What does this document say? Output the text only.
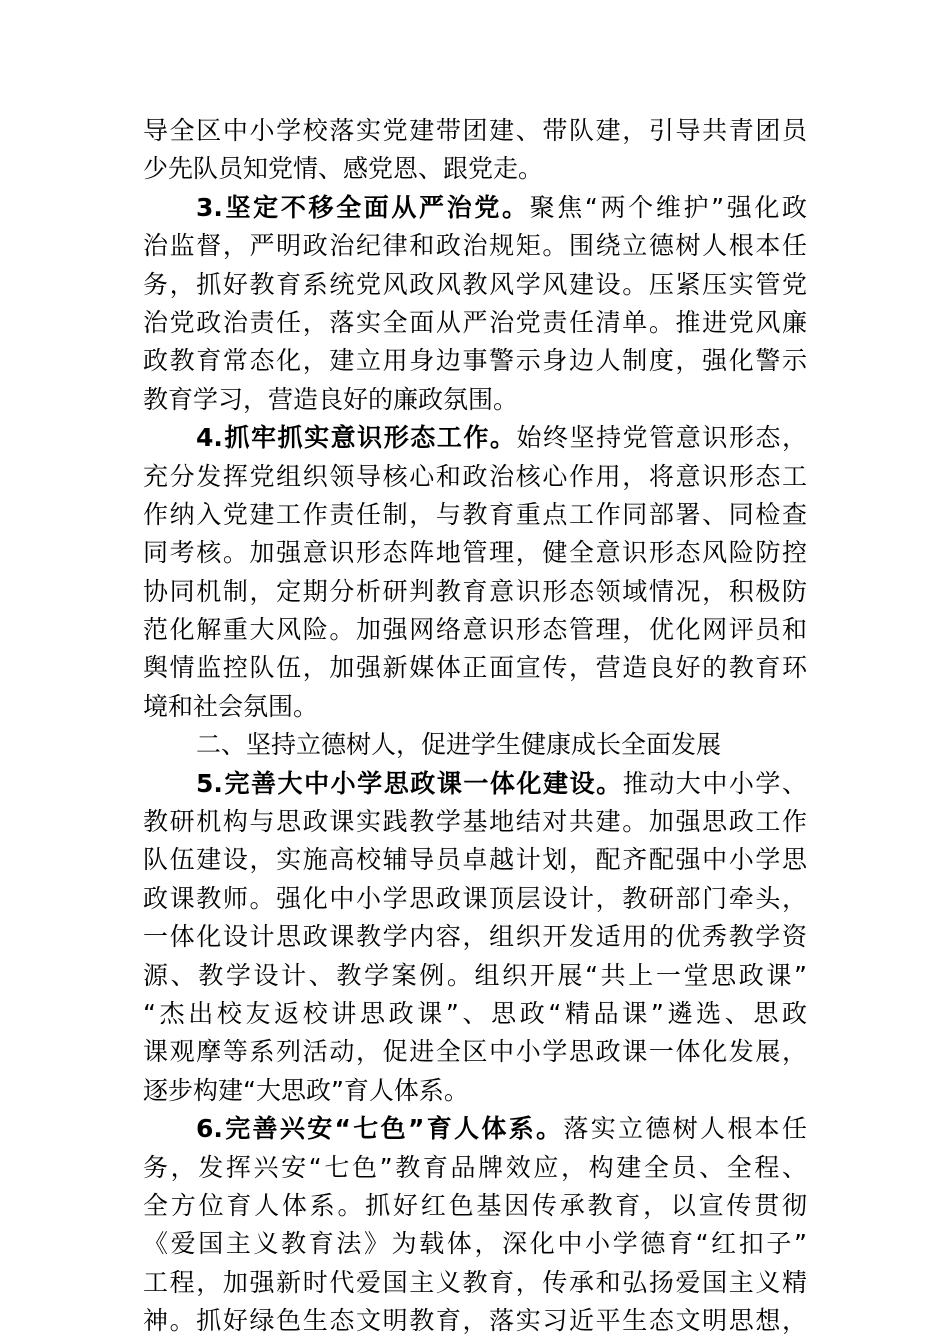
导全区中小学校落实党建带团建、带队建，引导共青团员
少先队员知党情、感党恩、跟党走。
3.坚定不移全面从严治党。聚焦“两个维护”强化政
治监督，严明政治纪律和政治规矩。围绕立德树人根本任
务，抓好教育系统党风政风教风学风建设。压紧压实管党
治党政治责任，落实全面从严治党责任清单。推进党风廉
政教育常态化，建立用身边事警示身边人制度，强化警示
教育学习，营造良好的廉政氛围。
4.抓牢抓实意识形态工作。始终坚持党管意识形态，
充分发挥党组织领导核心和政治核心作用，将意识形态工
作纳入党建工作责任制，与教育重点工作同部署、同检查
同考核。加强意识形态阵地管理，健全意识形态风险防控
协同机制，定期分析研判教育意识形态领域情况，积极防
范化解重大风险。加强网络意识形态管理，优化网评员和
舆情监控队伍，加强新媒体正面宣传，营造良好的教育环
境和社会氛围。
二、坚持立德树人，促进学生健康成长全面发展
5.完善大中小学思政课一体化建设。推动大中小学、
教研机构与思政课实践教学基地结对共建。加强思政工作
队伍建设，实施高校辅导员卓越计划，配齐配强中小学思
政课教师。强化中小学思政课顶层设计，教研部门牵头，
一体化设计思政课教学内容，组织开发适用的优秀教学资
源、教学设计、教学案例。组织开展“共上一堂思政课”
“杰出校友返校讲思政课”、思政“精品课”遴选、思政
课观摩等系列活动，促进全区中小学思政课一体化发展，
逐步构建“大思政”育人体系。
6.完善兴安“七色”育人体系。落实立德树人根本任
务，发挥兴安“七色”教育品牌效应，构建全员、全程、
全方位育人体系。抓好红色基因传承教育，以宣传贯彻
《爱国主义教育法》为载体，深化中小学德育“红扣子”
工程，加强新时代爱国主义教育，传承和弘扬爱国主义精
神。抓好绿色生态文明教育，落实习近平生态文明思想，
